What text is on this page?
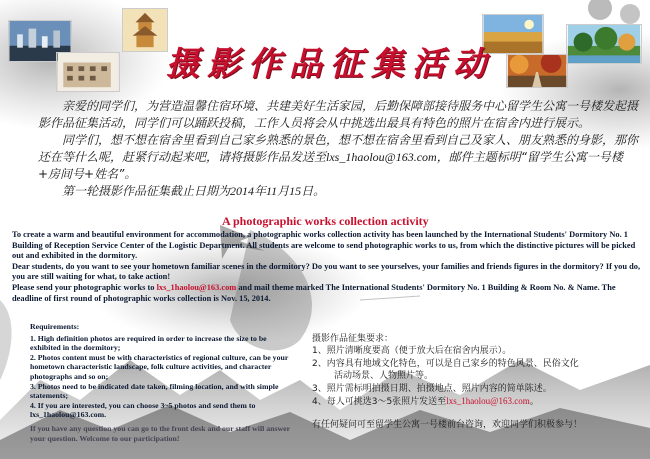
摄影作品征集活动

亲爱的同学们，为营造温馨住宿环境、共建美好生活家园，后勤保障部接待服务中心留学生公寓一号楼发起摄影作品征集活动，同学们可以踊跃投稿，工作人员将会从中挑选出最具有特色的照片在宿舍内进行展示。

同学们，想不想在宿舍里看到自己家乡熟悉的景色，想不想在宿舍里看到自己及家人、朋友熟悉的身影，那你还在等什么呢，赶紧行动起来吧，请将摄影作品发送至lxs_1haolou@163.com，邮件主题标明“留学生公寓一号楼+房间号+姓名”。

第一轮摄影作品征集截止日期为2014年11月15日。

A photographic works collection activity

To create a warm and beautiful environment for accommodation, a photographic works collection activity has been launched by the International Students' Dormitory No. 1 Building of Reception Service Center of the Logistic Department. All students are welcome to send photographic works to us, from which the distinctive pictures will be picked out and exhibited in the dormitory.

Dear students, do you want to see your hometown familiar scenes in the dormitory? Do you want to see yourselves, your families and friends figures in the dormitory? If you do, you are still waiting for what, to take action!

Please send your photographic works to lxs_1haolou@163.com and mail theme marked The International Students' Dormitory No. 1 Building & Room No. & Name. The deadline of first round of photographic works collection is Nov. 15, 2014.

Requirements:

1. High definition photos are required in order to increase the size to be exhibited in the dormitory;

2. Photos content must be with characteristics of regional culture, can be your hometown characteristic landscape, folk culture activities, and character photographs and so on;

3. Photos need to be indicated date taken, filming location, and with simple statements;

4. If you are interested, you can choose 3~5 photos and send them to lxs_1haolou@163.com.

If you have any question you can go to the front desk and our staff will answer your question. Welcome to our participation!

摄影作品征集要求：

1、照片清晰度要高（便于放大后在宿舍内展示）。

2、内容具有地域文化特色，可以是自己家乡的特色风景、民俗文化

活动场景、人物照片等。

3、照片需标明拍摄日期、拍摄地点、照片内容的简单陈述。

4、每人可挑选3～5张照片发送至lxs_1haolou@163.com。

有任何疑问可至留学生公寓一号楼前台咨询，欢迎同学们积极参与！
